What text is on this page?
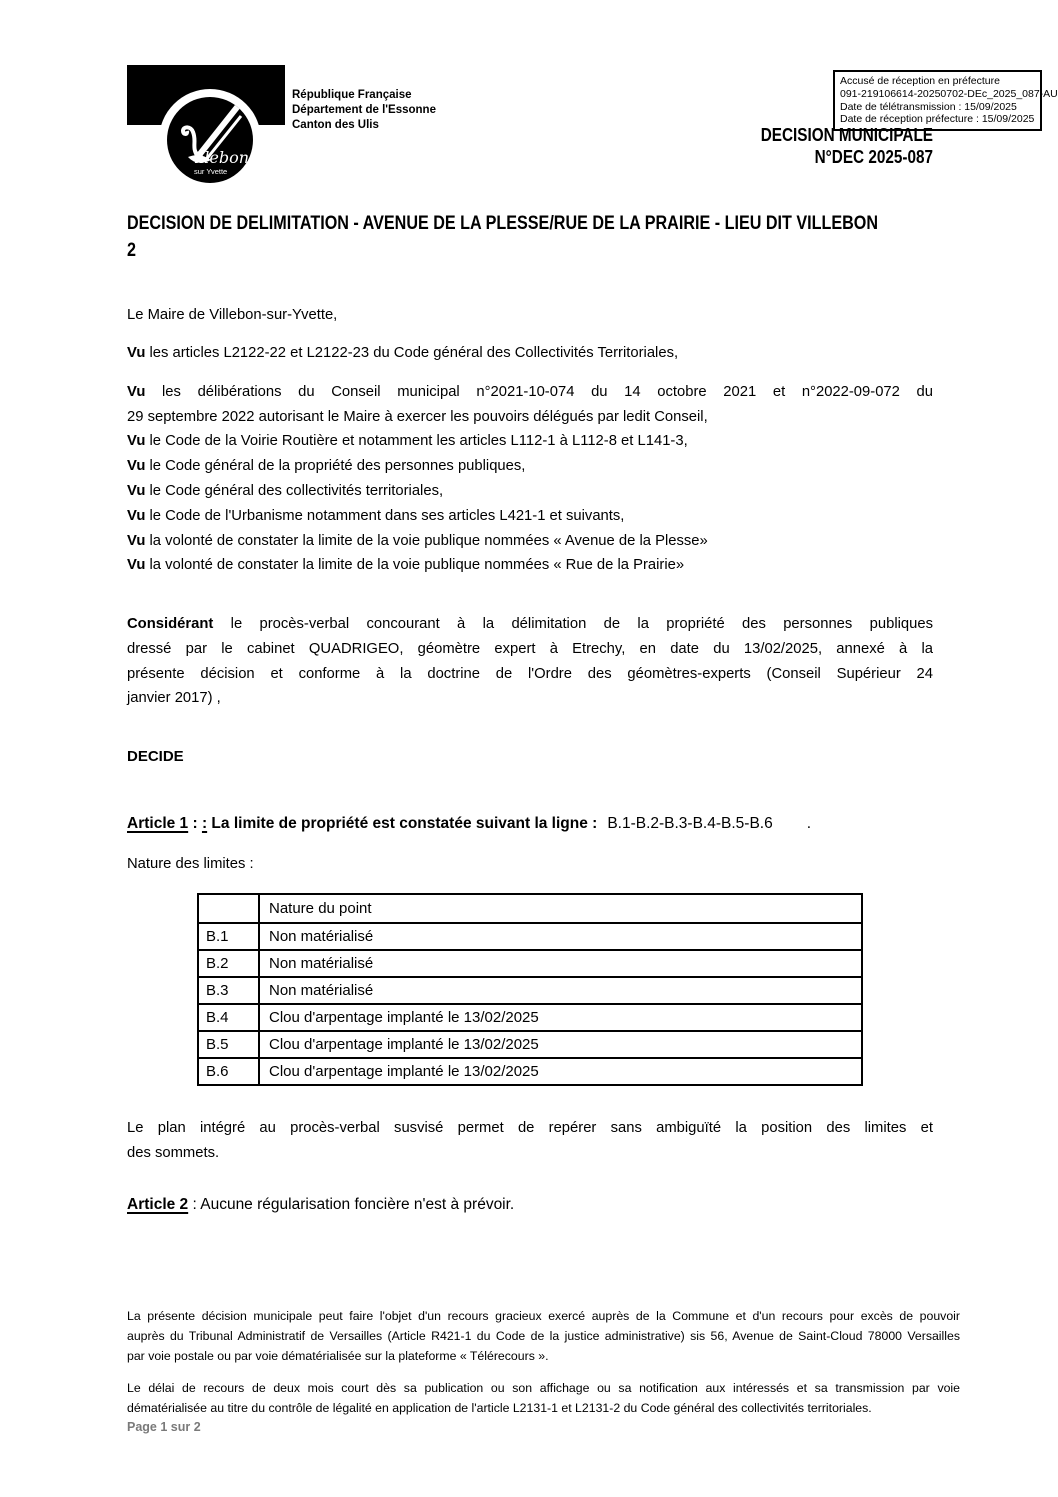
illebon
sur Yvette
République Française
Département de l'Essonne
Canton des Ulis
Accusé de réception en préfecture
091-219106614-20250702-DEc_2025_087-AU
Date de télétransmission : 15/09/2025
Date de réception préfecture : 15/09/2025
DECISION MUNICIPALE
N°DEC 2025-087
DECISION DE DELIMITATION - AVENUE DE LA PLESSE/RUE DE LA PRAIRIE - LIEU DIT VILLEBON
2
Le Maire de Villebon-sur-Yvette,

Vu les articles L2122-22 et L2122-23 du Code général des Collectivités Territoriales,

Vu les délibérations du Conseil municipal n°2021-10-074 du 14 octobre 2021 et n°2022-09-072 du

29 septembre 2022 autorisant le Maire à exercer les pouvoirs délégués par ledit Conseil,

Vu le Code de la Voirie Routière et notamment les articles L112-1 à L112-8 et L141-3,

Vu le Code général de la propriété des personnes publiques,

Vu le Code général des collectivités territoriales,

Vu le Code de l'Urbanisme notamment dans ses articles L421-1 et suivants,

Vu la volonté de constater la limite de la voie publique nommées « Avenue de la Plesse»

Vu la volonté de constater la limite de la voie publique nommées « Rue de la Prairie»

Considérant le procès-verbal concourant à la délimitation de la propriété des personnes publiques
dressé par le cabinet QUADRIGEO, géomètre expert à Etrechy, en date du 13/02/2025, annexé à la
présente décision et conforme à la doctrine de l'Ordre des géomètres-experts (Conseil Supérieur 24
janvier 2017) ,
DECIDE
Article 1 : : La limite de propriété est constatée suivant la ligne : B.1-B.2-B.3-B.4-B.5-B.6 .
Nature des limites :
	Nature du point
B.1	Non matérialisé
B.2	Non matérialisé
B.3	Non matérialisé
B.4	Clou d'arpentage implanté le 13/02/2025
B.5	Clou d'arpentage implanté le 13/02/2025
B.6	Clou d'arpentage implanté le 13/02/2025
Le plan intégré au procès-verbal susvisé permet de repérer sans ambiguïté la position des limites et
des sommets.
Article 2 : Aucune régularisation foncière n'est à prévoir.
La présente décision municipale peut faire l'objet d'un recours gracieux exercé auprès de la Commune et d'un recours pour excès de pouvoir
auprès du Tribunal Administratif de Versailles (Article R421-1 du Code de la justice administrative) sis 56, Avenue de Saint-Cloud 78000 Versailles
par voie postale ou par voie dématérialisée sur la plateforme « Télérecours ».
Le délai de recours de deux mois court dès sa publication ou son affichage ou sa notification aux intéressés et sa transmission par voie
dématérialisée au titre du contrôle de légalité en application de l'article L2131-1 et L2131-2 du Code général des collectivités territoriales.
Page 1 sur 2
